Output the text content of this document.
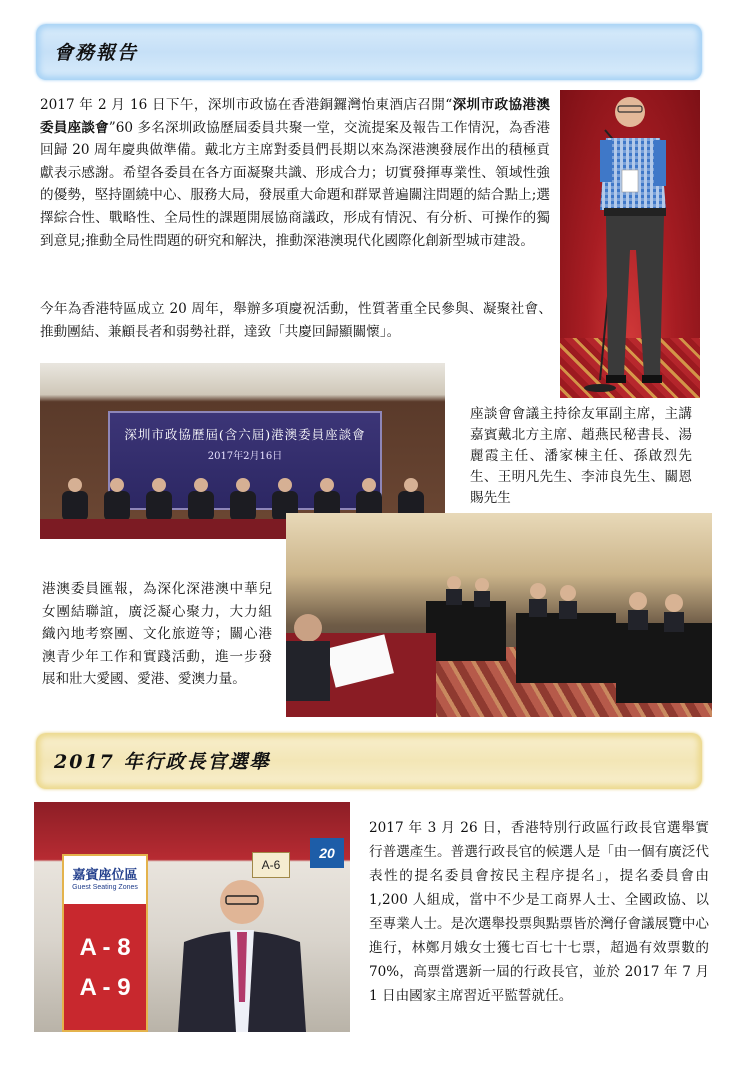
會務報告
2017 年 2 月 16 日下午，深圳市政協在香港銅鑼灣怡東酒店召開“深圳市政協港澳委員座談會”60 多名深圳政協歷屆委員共聚一堂，交流提案及報告工作情況，為香港回歸 20 周年慶典做準備。戴北方主席對委員們長期以來為深港澳發展作出的積極貢獻表示感謝。希望各委員在各方面凝聚共識、形成合力；切實發揮專業性、領域性強的優勢，堅持圍繞中心、服務大局，發展重大命題和群眾普遍關注問題的結合點上;選擇綜合性、戰略性、全局性的課題開展協商議政，形成有情況、有分析、可操作的獨到意見;推動全局性問題的研究和解決，推動深港澳現代化國際化創新型城市建設。
今年為香港特區成立 20 周年，舉辦多項慶祝活動，性質著重全民參與、凝聚社會、推動團結、兼顧長者和弱勢社群，達致「共慶回歸顯關懷」。
深圳市政協歷屆(含六屆)港澳委員座談會
2017年2月16日
座談會會議主持徐友軍副主席，主講嘉賓戴北方主席、趙燕民秘書長、湯麗霞主任、潘家棟主任、孫啟烈先生、王明凡先生、李沛良先生、關恩賜先生
港澳委員匯報，為深化深港澳中華兒女團結聯誼，廣泛凝心聚力，大力組織內地考察團、文化旅遊等；關心港澳青少年工作和實踐活動，進一步發展和壯大愛國、愛港、愛澳力量。
2017 年行政長官選舉
A-6
20
嘉賓座位區
Guest Seating Zones
A - 8
A - 9
2017 年 3 月 26 日，香港特別行政區行政長官選舉實行普選產生。普選行政長官的候選人是「由一個有廣泛代表性的提名委員會按民主程序提名」，提名委員會由 1,200 人組成，當中不少是工商界人士、全國政協、以至專業人士。是次選舉投票與點票皆於灣仔會議展覽中心進行，林鄭月娥女士獲七百七十七票，超過有效票數的 70%，高票當選新一屆的行政長官，並於 2017 年 7 月 1 日由國家主席習近平監誓就任。
